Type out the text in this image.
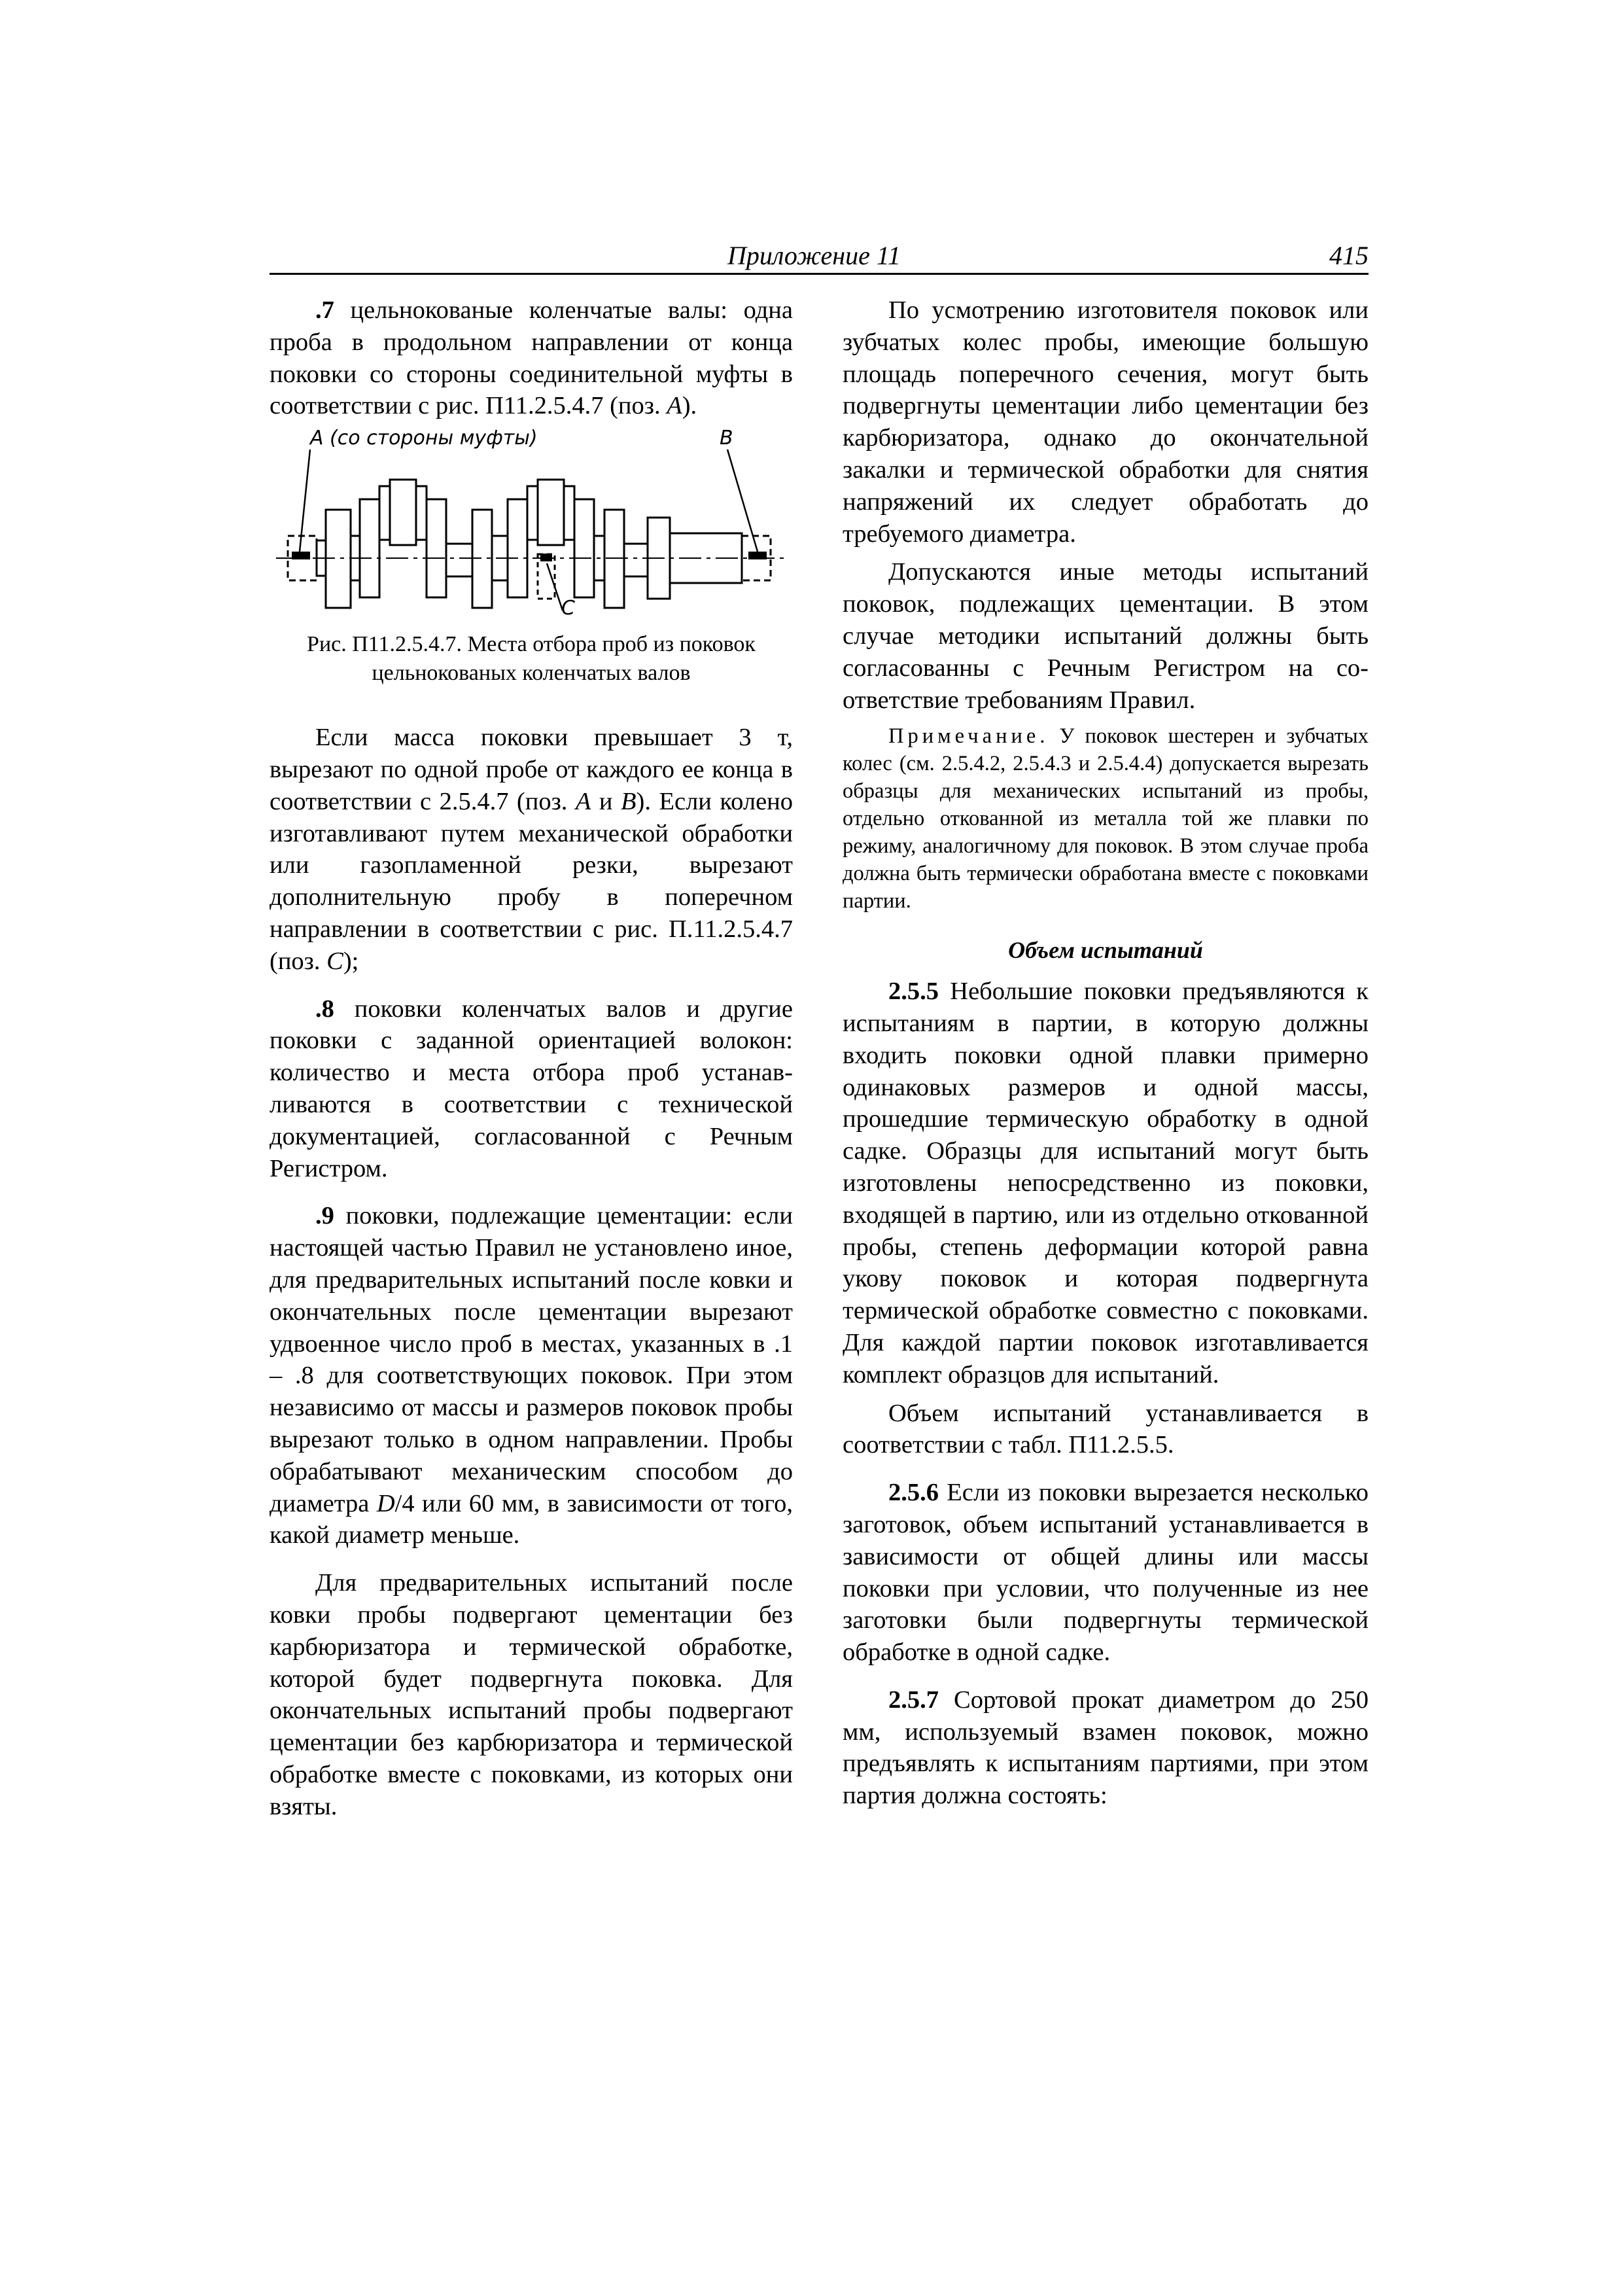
Приложение 11	415

.7 цельнокованые коленчатые валы: одна проба в продольном направлении от конца поковки со стороны соединительной муфты в соответствии с рис. П11.2.5.4.7 (поз. А).

А (со стороны муфты)	В
С
Рис. П11.2.5.4.7. Места отбора проб из поковок
цельнокованых коленчатых валов

Если масса поковки превышает 3 т, вырезают по одной пробе от каждого ее конца в соответствии с 2.5.4.7 (поз. А и В). Если колено изготавливают путем механической обработки или газопламенной резки, вырезают дополнительную пробу в поперечном направлении в соответствии с рис. П.11.2.5.4.7 (поз. С);

.8 поковки коленчатых валов и другие поковки с заданной ориентацией волокон: количество и места отбора проб устанавливаются в соответствии с технической документацией, согласованной с Речным Регистром.

.9 поковки, подлежащие цементации: если настоящей частью Правил не установлено иное, для предварительных испытаний после ковки и окончательных после цементации вырезают удвоенное число проб в местах, указанных в .1 – .8 для соответствующих поковок. При этом независимо от массы и размеров поковок пробы вырезают только в одном направлении. Пробы обрабатывают механическим способом до диаметра D/4 или 60 мм, в зависимости от того, какой диаметр меньше.

Для предварительных испытаний после ковки пробы подвергают цементации без карбюризатора и термической обработке, которой будет подвергнута поковка. Для окончательных испытаний пробы подвергают цементации без карбюризатора и термической обработке вместе с поковками, из которых они взяты.

По усмотрению изготовителя поковок или зубчатых колес пробы, имеющие большую площадь поперечного сечения, могут быть подвергнуты цементации либо цементации без карбюризатора, однако до окончательной закалки и термической обработки для снятия напряжений их следует обработать до требуемого диаметра.

Допускаются иные методы испытаний поковок, подлежащих цементации. В этом случае методики испытаний должны быть согласованны с Речным Регистром на соответствие требованиям Правил.

Примечание. У поковок шестерен и зубчатых колес (см. 2.5.4.2, 2.5.4.3 и 2.5.4.4) допускается вырезать образцы для механических испытаний из пробы, отдельно откованной из металла той же плавки по режиму, аналогичному для поковок. В этом случае проба должна быть термически обработана вместе с поковками партии.
Объем испытаний

2.5.5 Небольшие поковки предъявляются к испытаниям в партии, в которую должны входить поковки одной плавки примерно одинаковых размеров и одной массы, прошедшие термическую обработку в одной садке. Образцы для испытаний могут быть изготовлены непосредственно из поковки, входящей в партию, или из отдельно откованной пробы, степень деформации которой равна укову поковок и которая подвергнута термической обработке совместно с поковками. Для каждой партии поковок изготавливается комплект образцов для испытаний.

Объем испытаний устанавливается в соответствии с табл. П11.2.5.5.

2.5.6 Если из поковки вырезается несколько заготовок, объем испытаний устанавливается в зависимости от общей длины или массы поковки при условии, что полученные из нее заготовки были подвергнуты термической обработке в одной садке.

2.5.7 Сортовой прокат диаметром до 250 мм, используемый взамен поковок, можно предъявлять к испытаниям партиями, при этом партия должна состоять:
